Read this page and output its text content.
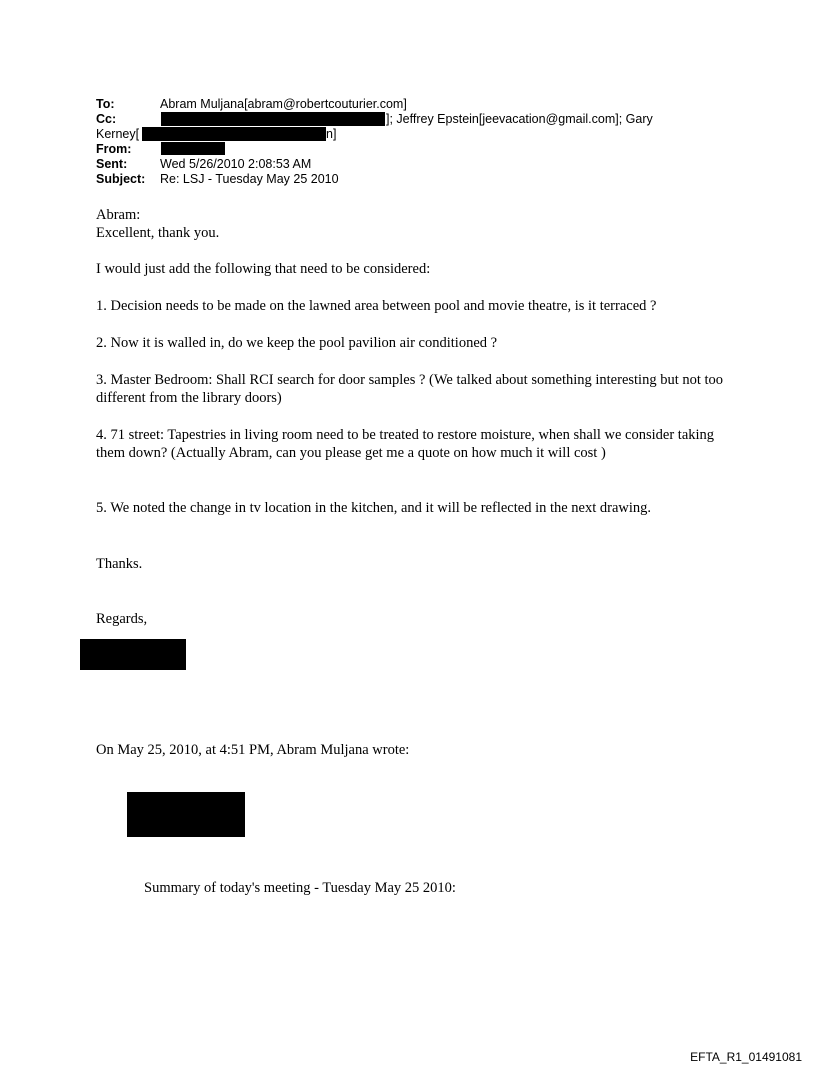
To:	Abram Muljana[abram@robertcouturier.com]
Cc:	]; Jeffrey Epstein[jeevacation@gmail.com]; Gary
Kerney[	n]
From:
Sent:	Wed 5/26/2010 2:08:53 AM
Subject: Re: LSJ - Tuesday May 25 2010
Abram:
Excellent, thank you.
I would just add the following that need to be considered:
1. Decision needs to be made on the lawned area between pool and movie theatre, is it terraced ?
2. Now it is walled in, do we keep the pool pavilion air conditioned ?
3. Master Bedroom: Shall RCI search for door samples ? (We talked about something interesting but not too different from the library doors)
4. 71 street: Tapestries in living room need to be treated to restore moisture, when shall we consider taking them down? (Actually Abram, can you please get me a quote on how much it will cost )
5. We noted the change in tv location in the kitchen, and it will be reflected in the next drawing.
Thanks.
Regards,
On May 25, 2010, at 4:51 PM, Abram Muljana wrote:
Summary of today's meeting - Tuesday May 25 2010:
EFTA_R1_01491081
